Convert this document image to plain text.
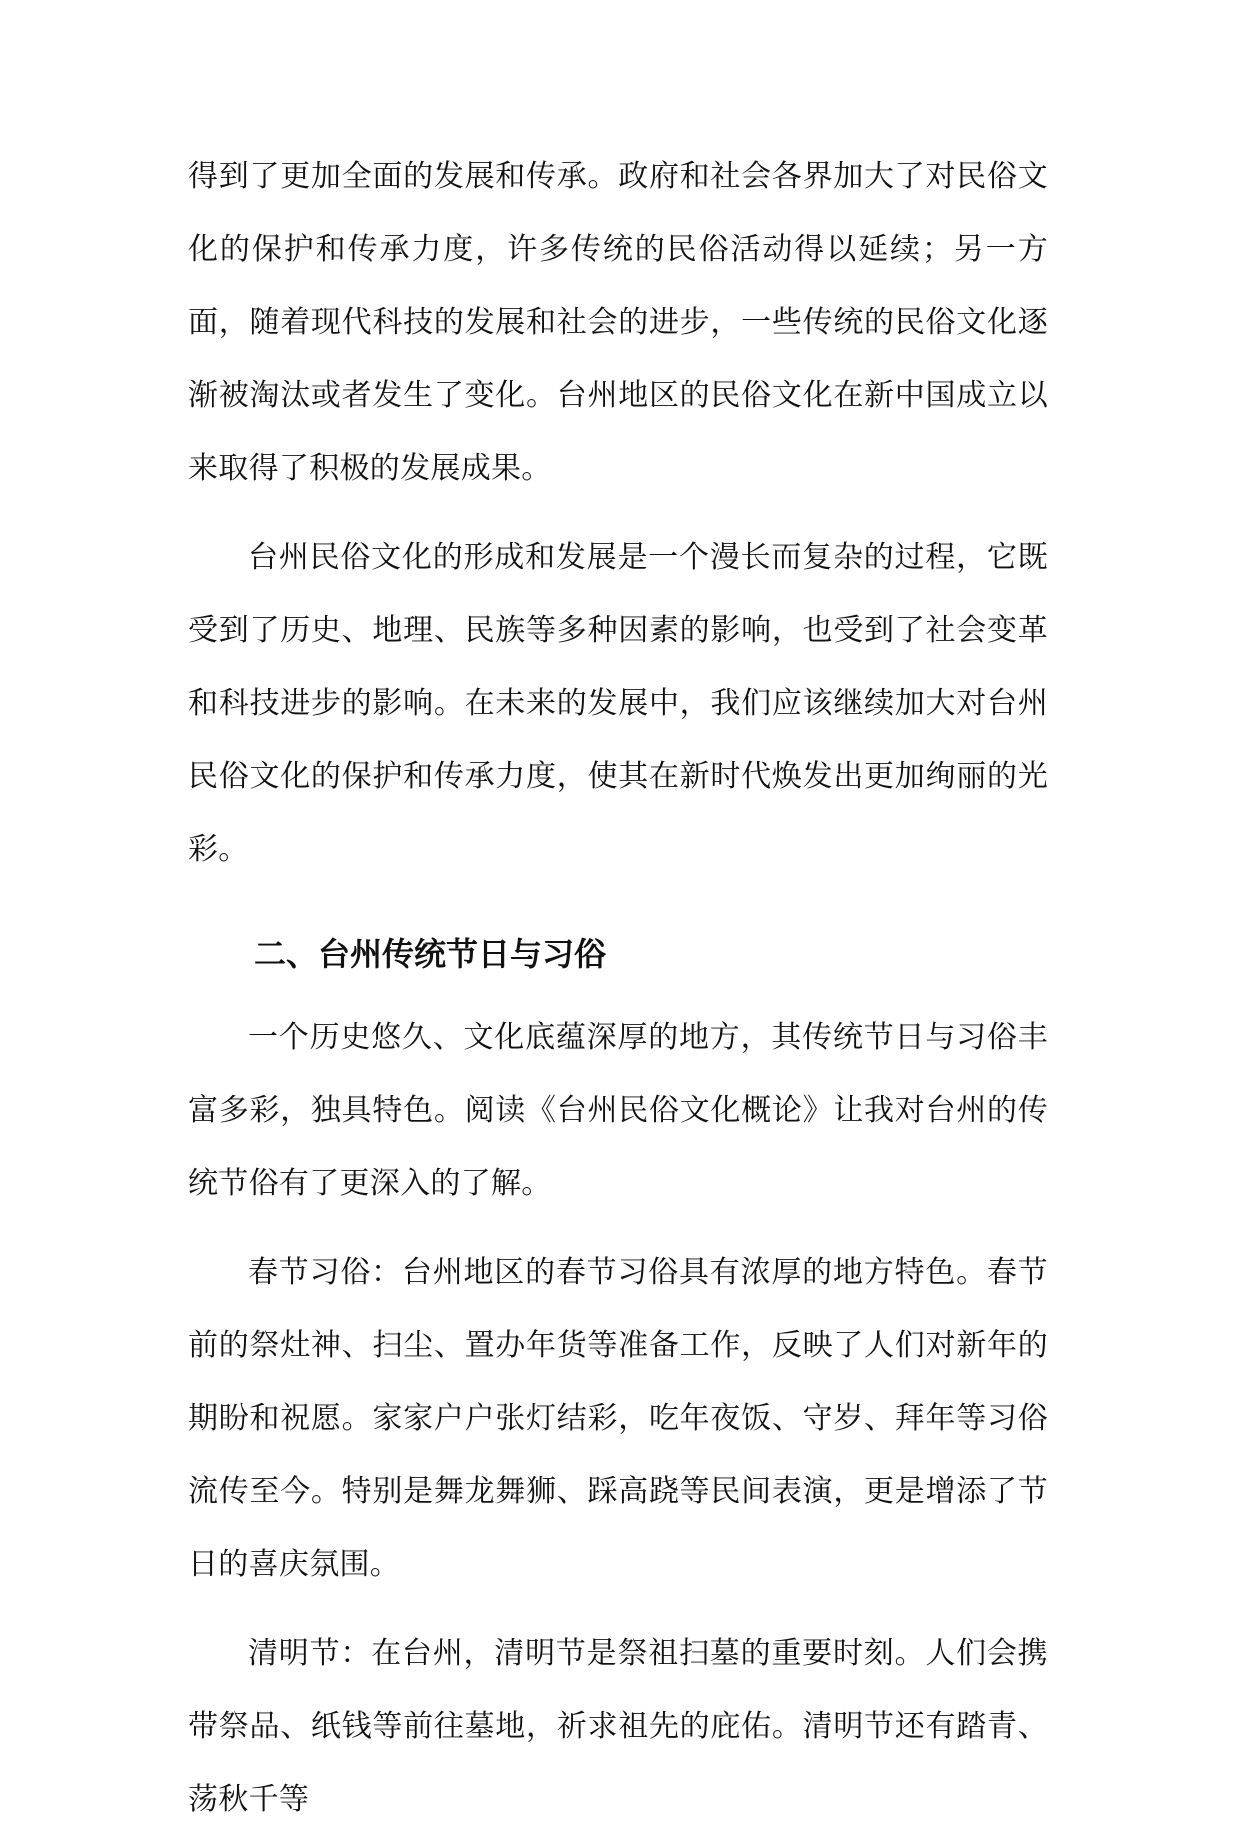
得到了更加全面的发展和传承。政府和社会各界加大了对民俗文化的保护和传承力度，许多传统的民俗活动得以延续；另一方面，随着现代科技的发展和社会的进步，一些传统的民俗文化逐渐被淘汰或者发生了变化。台州地区的民俗文化在新中国成立以来取得了积极的发展成果。

台州民俗文化的形成和发展是一个漫长而复杂的过程，它既受到了历史、地理、民族等多种因素的影响，也受到了社会变革和科技进步的影响。在未来的发展中，我们应该继续加大对台州民俗文化的保护和传承力度，使其在新时代焕发出更加绚丽的光彩。

二、台州传统节日与习俗

一个历史悠久、文化底蕴深厚的地方，其传统节日与习俗丰富多彩，独具特色。阅读《台州民俗文化概论》让我对台州的传统节俗有了更深入的了解。

春节习俗：台州地区的春节习俗具有浓厚的地方特色。春节前的祭灶神、扫尘、置办年货等准备工作，反映了人们对新年的期盼和祝愿。家家户户张灯结彩，吃年夜饭、守岁、拜年等习俗流传至今。特别是舞龙舞狮、踩高跷等民间表演，更是增添了节日的喜庆氛围。

清明节：在台州，清明节是祭祖扫墓的重要时刻。人们会携带祭品、纸钱等前往墓地，祈求祖先的庇佑。清明节还有踏青、荡秋千等
